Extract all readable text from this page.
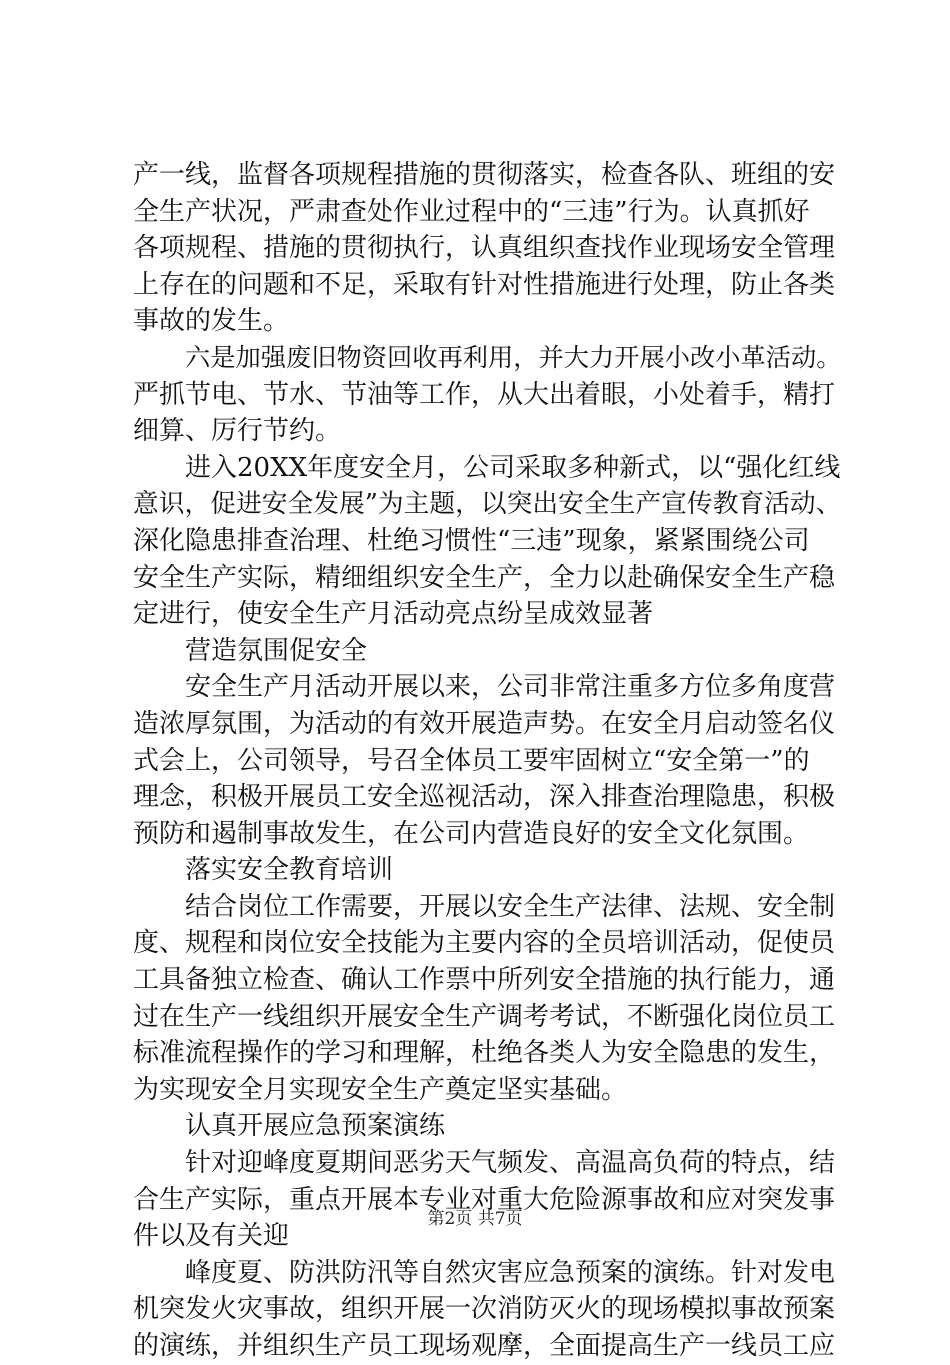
产一线，监督各项规程措施的贯彻落实，检查各队、班组的安
全生产状况，严肃查处作业过程中的“三违”行为。认真抓好
各项规程、措施的贯彻执行，认真组织查找作业现场安全管理
上存在的问题和不足，采取有针对性措施进行处理，防止各类
事故的发生。
六是加强废旧物资回收再利用，并大力开展小改小革活动。
严抓节电、节水、节油等工作，从大出着眼，小处着手，精打
细算、厉行节约。
进入20XX年度安全月，公司采取多种新式，以“强化红线
意识，促进安全发展”为主题，以突出安全生产宣传教育活动、
深化隐患排查治理、杜绝习惯性“三违”现象，紧紧围绕公司
安全生产实际，精细组织安全生产，全力以赴确保安全生产稳
定进行，使安全生产月活动亮点纷呈成效显著
营造氛围促安全
安全生产月活动开展以来，公司非常注重多方位多角度营
造浓厚氛围，为活动的有效开展造声势。在安全月启动签名仪
式会上，公司领导，号召全体员工要牢固树立“安全第一”的
理念，积极开展员工安全巡视活动，深入排查治理隐患，积极
预防和遏制事故发生，在公司内营造良好的安全文化氛围。
落实安全教育培训
结合岗位工作需要，开展以安全生产法律、法规、安全制
度、规程和岗位安全技能为主要内容的全员培训活动，促使员
工具备独立检查、确认工作票中所列安全措施的执行能力，通
过在生产一线组织开展安全生产调考考试，不断强化岗位员工
标准流程操作的学习和理解，杜绝各类人为安全隐患的发生，
为实现安全月实现安全生产奠定坚实基础。
认真开展应急预案演练
针对迎峰度夏期间恶劣天气频发、高温高负荷的特点，结
合生产实际，重点开展本专业对重大危险源事故和应对突发事
件以及有关迎
峰度夏、防洪防汛等自然灾害应急预案的演练。针对发电
机突发火灾事故，组织开展一次消防灭火的现场模拟事故预案
的演练，并组织生产员工现场观摩，全面提高生产一线员工应
第2页 共7页
